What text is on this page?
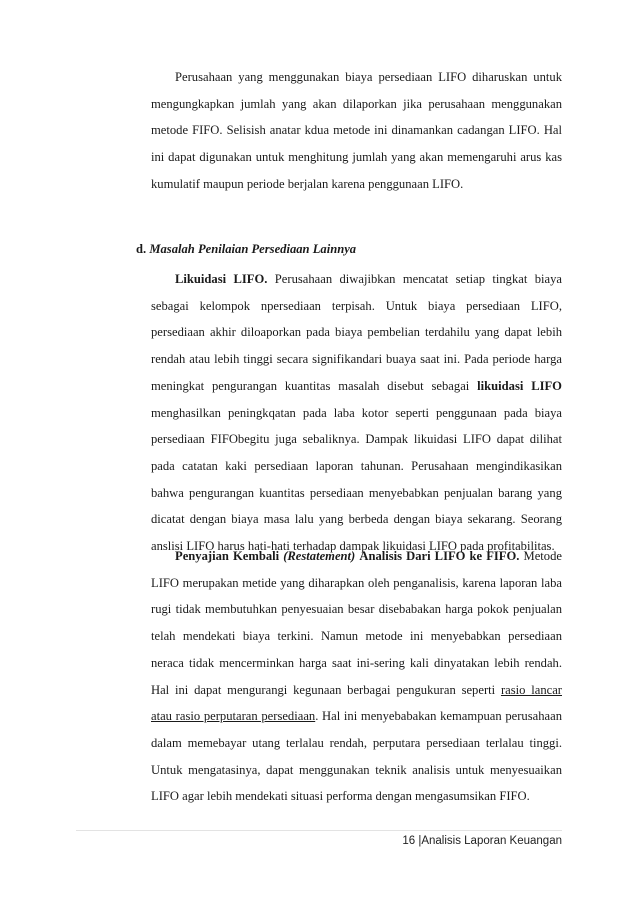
Perusahaan yang menggunakan biaya persediaan LIFO diharuskan untuk mengungkapkan jumlah yang akan dilaporkan jika perusahaan menggunakan metode FIFO. Selisish anatar kdua metode ini dinamankan cadangan LIFO. Hal ini dapat digunakan untuk menghitung jumlah yang akan memengaruhi arus kas kumulatif maupun periode berjalan karena penggunaan LIFO.

d. Masalah Penilaian Persediaan Lainnya

Likuidasi LIFO. Perusahaan diwajibkan mencatat setiap tingkat biaya sebagai kelompok npersediaan terpisah. Untuk biaya persediaan LIFO, persediaan akhir diloaporkan pada biaya pembelian terdahilu yang dapat lebih rendah atau lebih tinggi secara signifikandari buaya saat ini. Pada periode harga meningkat pengurangan kuantitas masalah disebut sebagai likuidasi LIFO menghasilkan peningkqatan pada laba kotor seperti penggunaan pada biaya persediaan FIFObegitu juga sebaliknya. Dampak likuidasi LIFO dapat dilihat pada catatan kaki persediaan laporan tahunan. Perusahaan mengindikasikan bahwa pengurangan kuantitas persediaan menyebabkan penjualan barang yang dicatat dengan biaya masa lalu yang berbeda dengan biaya sekarang. Seorang anslisi LIFO harus hati-hati terhadap dampak likuidasi LIFO pada profitabilitas.

Penyajian Kembali (Restatement) Analisis Dari LIFO ke FIFO. Metode LIFO merupakan metide yang diharapkan oleh penganalisis, karena laporan laba rugi tidak membutuhkan penyesuaian besar disebabakan harga pokok penjualan telah mendekati biaya terkini. Namun metode ini menyebabkan persediaan neraca tidak mencerminkan harga saat ini-sering kali dinyatakan lebih rendah. Hal ini dapat mengurangi kegunaan berbagai pengukuran seperti rasio lancar atau rasio perputaran persediaan. Hal ini menyebabakan kemampuan perusahaan dalam memebayar utang terlalau rendah, perputara persediaan terlalau tinggi. Untuk mengatasinya, dapat menggunakan teknik analisis untuk menyesuaikan LIFO agar lebih mendekati situasi performa dengan mengasumsikan FIFO.

16 |Analisis Laporan Keuangan
